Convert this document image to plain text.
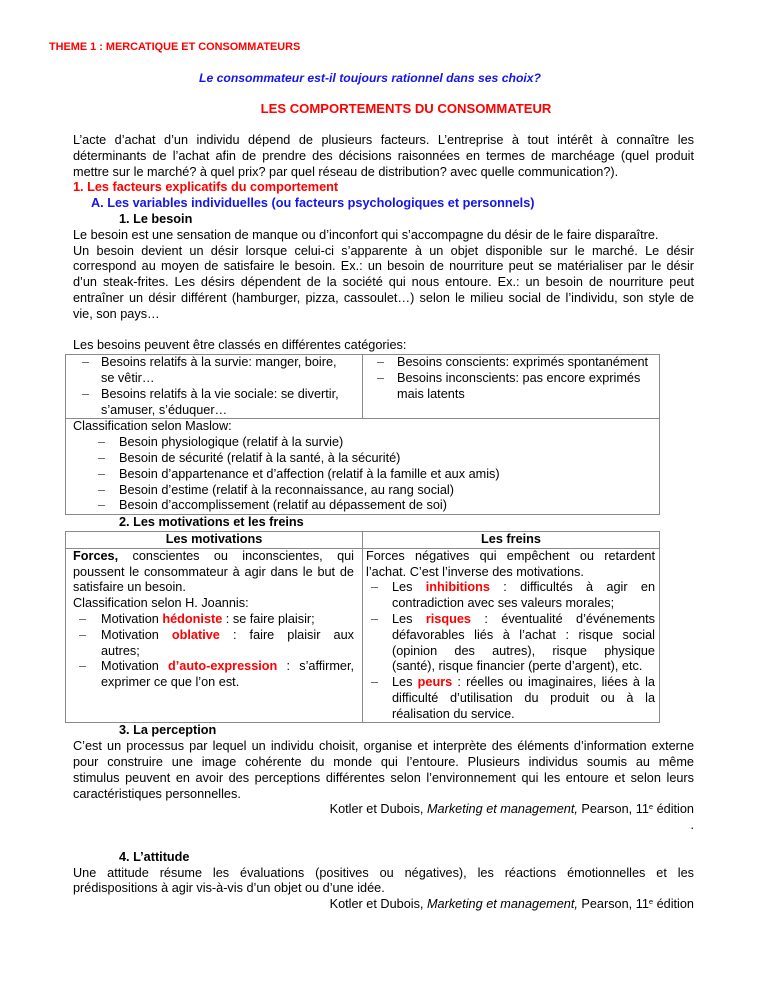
THEME 1 : MERCATIQUE ET CONSOMMATEURS
Le consommateur est-il toujours rationnel dans ses choix?
LES COMPORTEMENTS DU CONSOMMATEUR
L’acte d’achat d’un individu dépend de plusieurs facteurs. L’entreprise à tout intérêt à connaître les
déterminants de l’achat afin de prendre des décisions raisonnées en termes de marchéage (quel produit
mettre sur le marché? à quel prix? par quel réseau de distribution? avec quelle communication?).
1. Les facteurs explicatifs du comportement
A. Les variables individuelles (ou facteurs psychologiques et personnels)
1. Le besoin
Le besoin est une sensation de manque ou d’inconfort qui s’accompagne du désir de le faire disparaître.
Un besoin devient un désir lorsque celui-ci s’apparente à un objet disponible sur le marché. Le désir
correspond au moyen de satisfaire le besoin. Ex.: un besoin de nourriture peut se matérialiser par le désir
d’un steak-frites. Les désirs dépendent de la société qui nous entoure. Ex.: un besoin de nourriture peut
entraîner un désir différent (hamburger, pizza, cassoulet…) selon le milieu social de l’individu, son style de
vie, son pays…
Les besoins peuvent être classés en différentes catégories:
– Besoins relatifs à la survie: manger, boire,
se vêtir…
– Besoins relatifs à la vie sociale: se divertir,
s’amuser, s’éduquer…
– Besoins conscients: exprimés spontanément
– Besoins inconscients: pas encore exprimés
mais latents
Classification selon Maslow:
– Besoin physiologique (relatif à la survie)
– Besoin de sécurité (relatif à la santé, à la sécurité)
– Besoin d’appartenance et d’affection (relatif à la famille et aux amis)
– Besoin d’estime (relatif à la reconnaissance, au rang social)
– Besoin d’accomplissement (relatif au dépassement de soi)
2. Les motivations et les freins
Les motivations	Les freins
Forces, conscientes ou inconscientes, qui
poussent le consommateur à agir dans le but de
satisfaire un besoin.
Classification selon H. Joannis:
– Motivation hédoniste : se faire plaisir;
– Motivation oblative : faire plaisir aux
autres;
– Motivation d’auto-expression : s’affirmer,
exprimer ce que l’on est.
Forces négatives qui empêchent ou retardent
l’achat. C’est l’inverse des motivations.
– Les inhibitions : difficultés à agir en
contradiction avec ses valeurs morales;
– Les risques : éventualité d’événements
défavorables liés à l’achat : risque social
(opinion des autres), risque physique
(santé), risque financier (perte d’argent), etc.
– Les peurs : réelles ou imaginaires, liées à la
difficulté d’utilisation du produit ou à la
réalisation du service.
3. La perception
C’est un processus par lequel un individu choisit, organise et interprète des éléments d’information externe
pour construire une image cohérente du monde qui l’entoure. Plusieurs individus soumis au même
stimulus peuvent en avoir des perceptions différentes selon l’environnement qui les entoure et selon leurs
caractéristiques personnelles.
Kotler et Dubois, Marketing et management, Pearson, 11e édition
.
4. L’attitude
Une attitude résume les évaluations (positives ou négatives), les réactions émotionnelles et les
prédispositions à agir vis-à-vis d’un objet ou d’une idée.
Kotler et Dubois, Marketing et management, Pearson, 11e édition
